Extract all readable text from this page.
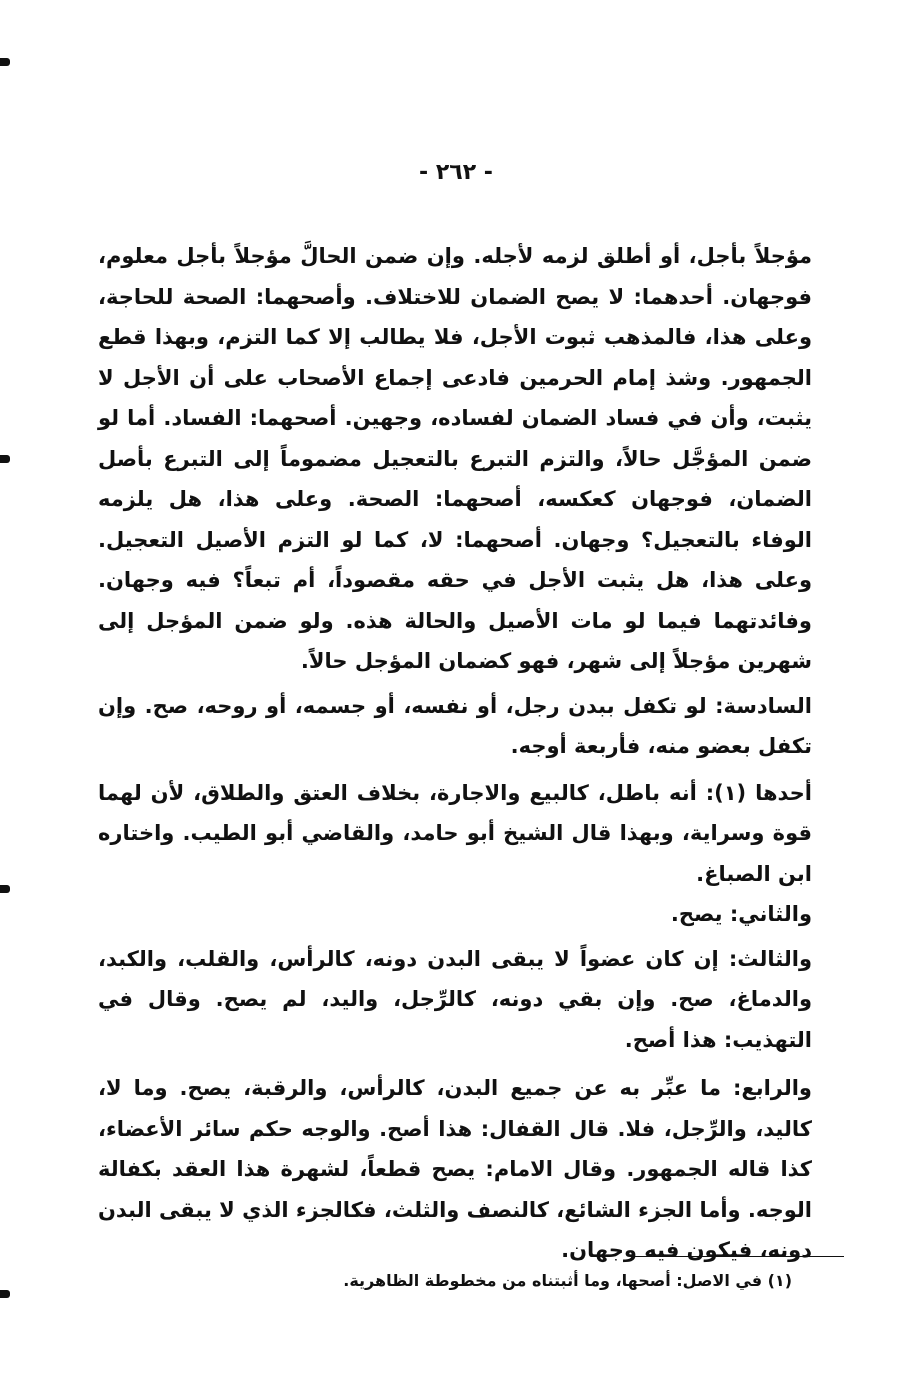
- ٢٦٢ -

مؤجلاً بأجل، أو أطلق لزمه لأجله. وإن ضمن الحالَّ مؤجلاً بأجل معلوم، فوجهان. أحدهما: لا يصح الضمان للاختلاف. وأصحهما: الصحة للحاجة، وعلى هذا، فالمذهب ثبوت الأجل، فلا يطالب إلا كما التزم، وبهذا قطع الجمهور. وشذ إمام الحرمين فادعى إجماع الأصحاب على أن الأجل لا يثبت، وأن في فساد الضمان لفساده، وجهين. أصحهما: الفساد. أما لو ضمن المؤجَّل حالاً، والتزم التبرع بالتعجيل مضموماً إلى التبرع بأصل الضمان، فوجهان كعكسه، أصحهما: الصحة. وعلى هذا، هل يلزمه الوفاء بالتعجيل؟ وجهان. أصحهما: لا، كما لو التزم الأصيل التعجيل. وعلى هذا، هل يثبت الأجل في حقه مقصوداً، أم تبعاً؟ فيه وجهان. وفائدتهما فيما لو مات الأصيل والحالة هذه. ولو ضمن المؤجل إلى شهرين مؤجلاً إلى شهر، فهو كضمان المؤجل حالاً.

السادسة: لو تكفل ببدن رجل، أو نفسه، أو جسمه، أو روحه، صح. وإن تكفل بعضو منه، فأربعة أوجه.

أحدها (١): أنه باطل، كالبيع والاجارة، بخلاف العتق والطلاق، لأن لهما قوة وسراية، وبهذا قال الشيخ أبو حامد، والقاضي أبو الطيب. واختاره ابن الصباغ.

والثاني: يصح.

والثالث: إن كان عضواً لا يبقى البدن دونه، كالرأس، والقلب، والكبد، والدماغ، صح. وإن بقي دونه، كالرِّجل، واليد، لم يصح. وقال في التهذيب: هذا أصح.

والرابع: ما عبِّر به عن جميع البدن، كالرأس، والرقبة، يصح. وما لا، كاليد، والرِّجل، فلا. قال القفال: هذا أصح. والوجه حكم سائر الأعضاء، كذا قاله الجمهور. وقال الامام: يصح قطعاً، لشهرة هذا العقد بكفالة الوجه. وأما الجزء الشائع، كالنصف والثلث، فكالجزء الذي لا يبقى البدن دونه، فيكون فيه وجهان.

(١) في الاصل: أصحها، وما أثبتناه من مخطوطة الظاهرية.
